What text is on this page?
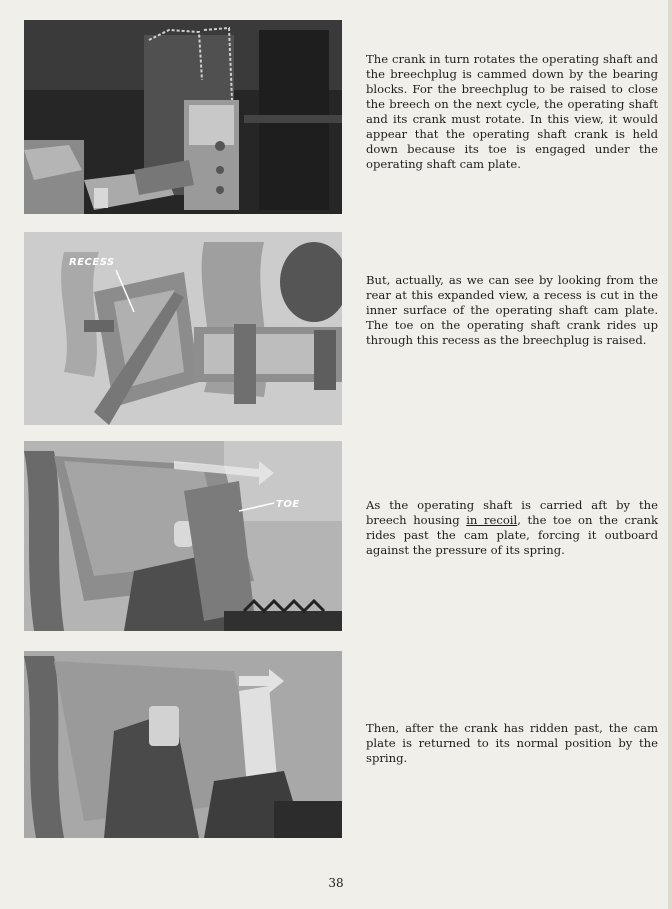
RECESS
TOE

The crank in turn rotates the operating shaft and the breechplug is cammed down by the bearing blocks. For the breechplug to be raised to close the breech on the next cycle, the operating shaft and its crank must rotate. In this view, it would appear that the operating shaft crank is held down because its toe is engaged under the operating shaft cam plate.

But, actually, as we can see by looking from the rear at this expanded view, a recess is cut in the inner surface of the operating shaft cam plate. The toe on the operating shaft crank rides up through this recess as the breechplug is raised.

As the operating shaft is carried aft by the breech housing in recoil, the toe on the crank rides past the cam plate, forcing it outboard against the pressure of its spring.

Then, after the crank has ridden past, the cam plate is returned to its normal position by the spring.

38
